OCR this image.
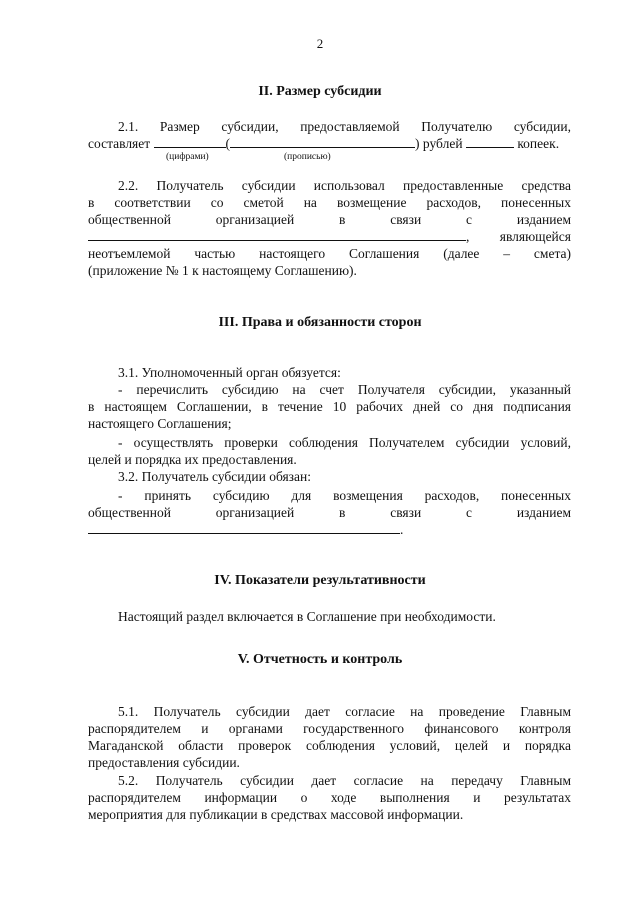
2
II. Размер субсидии
2.1. Размер субсидии, предоставляемой Получателю субсидии,
составляет	(	) рублей	копеек.
(цифрами)	(прописью)
2.2. Получатель субсидии использовал предоставленные средства
в соответствии со сметой на возмещение расходов, понесенных
общественной организацией в связи с изданием
, являющейся
неотъемлемой частью настоящего Соглашения (далее – смета)
(приложение № 1 к настоящему Соглашению).
III. Права и обязанности сторон
3.1. Уполномоченный орган обязуется:
- перечислить субсидию на счет Получателя субсидии, указанный
в настоящем Соглашении, в течение 10 рабочих дней со дня подписания
настоящего Соглашения;
- осуществлять проверки соблюдения Получателем субсидии условий,
целей и порядка их предоставления.
3.2. Получатель субсидии обязан:
- принять субсидию для возмещения расходов, понесенных
общественной организацией в связи с изданием
.
IV. Показатели результативности
Настоящий раздел включается в Соглашение при необходимости.
V. Отчетность и контроль
5.1. Получатель субсидии дает согласие на проведение Главным
распорядителем и органами государственного финансового контроля
Магаданской области проверок соблюдения условий, целей и порядка
предоставления субсидии.
5.2. Получатель субсидии дает согласие на передачу Главным
распорядителем информации о ходе выполнения и результатах
мероприятия для публикации в средствах массовой информации.
